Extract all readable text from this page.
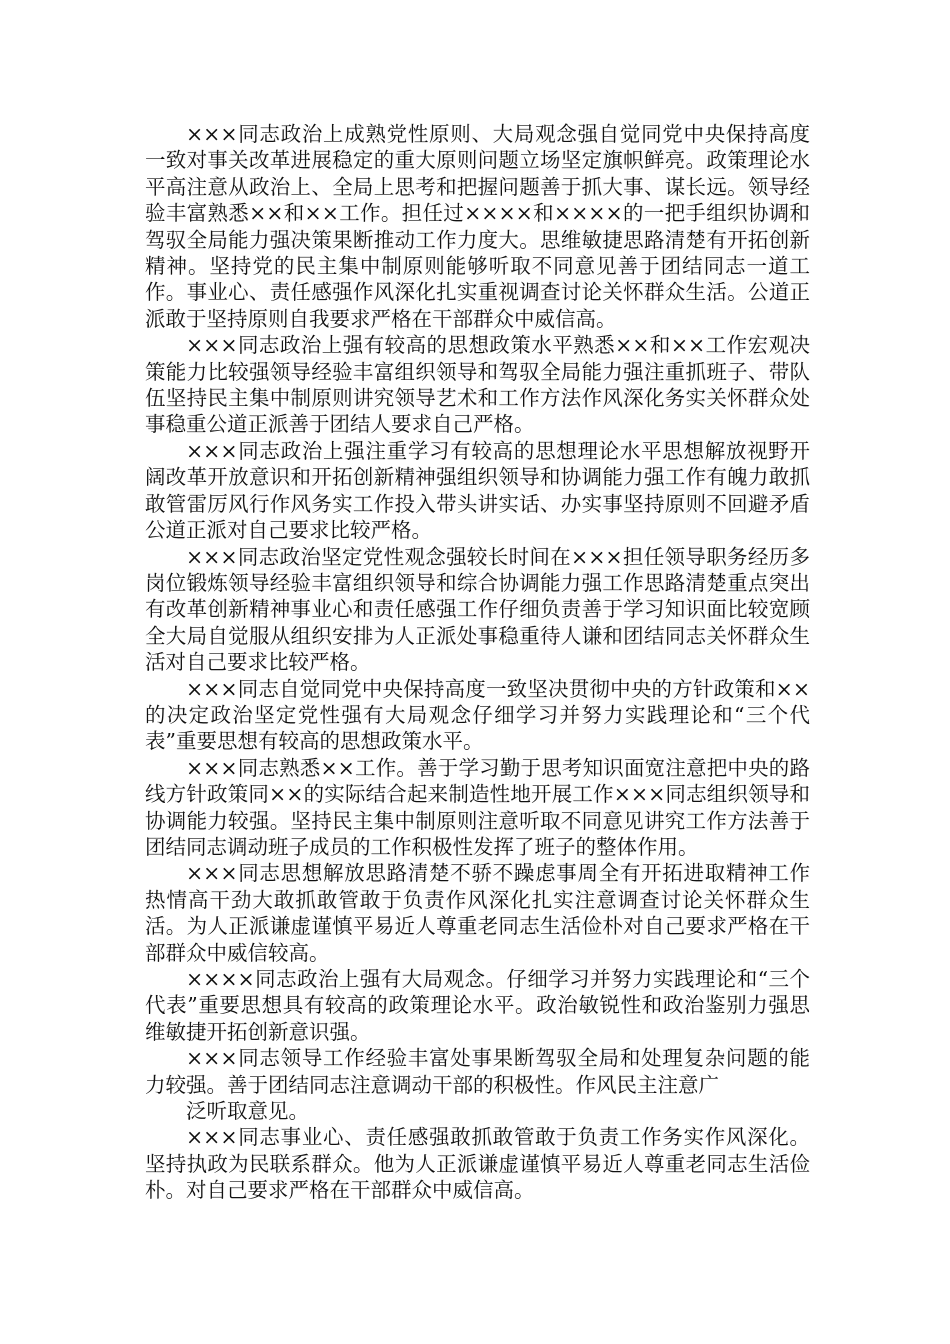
×××同志政治上成熟党性原则、大局观念强自觉同党中央保持高度一致对事关改革进展稳定的重大原则问题立场坚定旗帜鲜亮。政策理论水平高注意从政治上、全局上思考和把握问题善于抓大事、谋长远。领导经验丰富熟悉××和××工作。担任过××××和××××的一把手组织协调和驾驭全局能力强决策果断推动工作力度大。思维敏捷思路清楚有开拓创新精神。坚持党的民主集中制原则能够听取不同意见善于团结同志一道工作。事业心、责任感强作风深化扎实重视调查讨论关怀群众生活。公道正派敢于坚持原则自我要求严格在干部群众中威信高。

×××同志政治上强有较高的思想政策水平熟悉××和××工作宏观决策能力比较强领导经验丰富组织领导和驾驭全局能力强注重抓班子、带队伍坚持民主集中制原则讲究领导艺术和工作方法作风深化务实关怀群众处事稳重公道正派善于团结人要求自己严格。

×××同志政治上强注重学习有较高的思想理论水平思想解放视野开阔改革开放意识和开拓创新精神强组织领导和协调能力强工作有魄力敢抓敢管雷厉风行作风务实工作投入带头讲实话、办实事坚持原则不回避矛盾公道正派对自己要求比较严格。

×××同志政治坚定党性观念强较长时间在×××担任领导职务经历多岗位锻炼领导经验丰富组织领导和综合协调能力强工作思路清楚重点突出有改革创新精神事业心和责任感强工作仔细负责善于学习知识面比较宽顾全大局自觉服从组织安排为人正派处事稳重待人谦和团结同志关怀群众生活对自己要求比较严格。

×××同志自觉同党中央保持高度一致坚决贯彻中央的方针政策和××的决定政治坚定党性强有大局观念仔细学习并努力实践理论和“三个代表”重要思想有较高的思想政策水平。

×××同志熟悉××工作。善于学习勤于思考知识面宽注意把中央的路线方针政策同××的实际结合起来制造性地开展工作×××同志组织领导和协调能力较强。坚持民主集中制原则注意听取不同意见讲究工作方法善于团结同志调动班子成员的工作积极性发挥了班子的整体作用。

×××同志思想解放思路清楚不骄不躁虑事周全有开拓进取精神工作热情高干劲大敢抓敢管敢于负责作风深化扎实注意调查讨论关怀群众生活。为人正派谦虚谨慎平易近人尊重老同志生活俭朴对自己要求严格在干部群众中威信较高。

××××同志政治上强有大局观念。仔细学习并努力实践理论和“三个代表”重要思想具有较高的政策理论水平。政治敏锐性和政治鉴别力强思维敏捷开拓创新意识强。

×××同志领导工作经验丰富处事果断驾驭全局和处理复杂问题的能力较强。善于团结同志注意调动干部的积极性。作风民主注意广

泛听取意见。

×××同志事业心、责任感强敢抓敢管敢于负责工作务实作风深化。坚持执政为民联系群众。他为人正派谦虚谨慎平易近人尊重老同志生活俭朴。对自己要求严格在干部群众中威信高。
